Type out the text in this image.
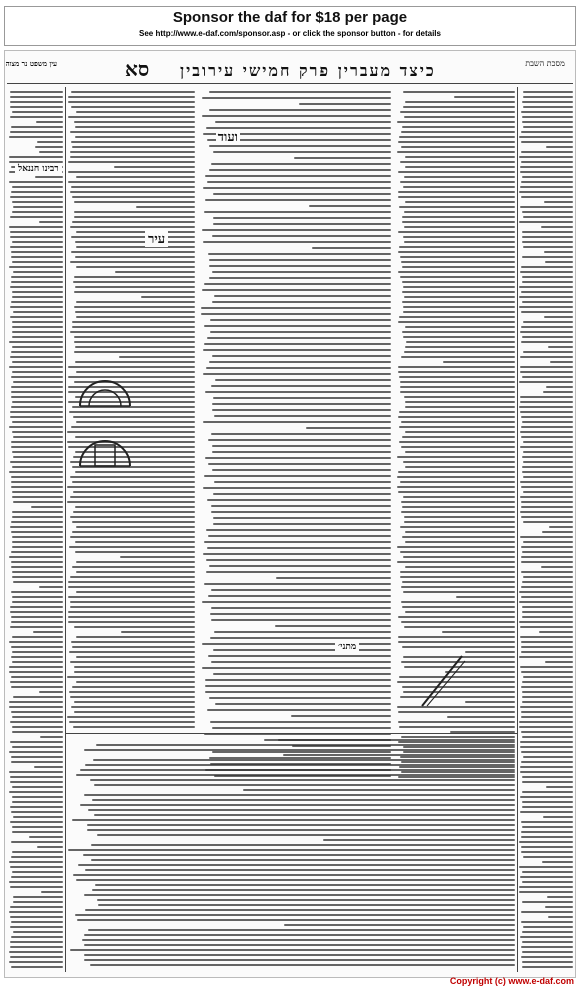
Sponsor the daf for $18 per page
See http://www.e-daf.com/sponsor.asp - or click the sponsor button - for details
עין משפט נר מצוה	סא כיצד מעברין פרק חמישי עירובין	מסכת השבת
ועוד
מתני׳
עיר
רבינו חננאל
Copyright (c) www.e-daf.com
